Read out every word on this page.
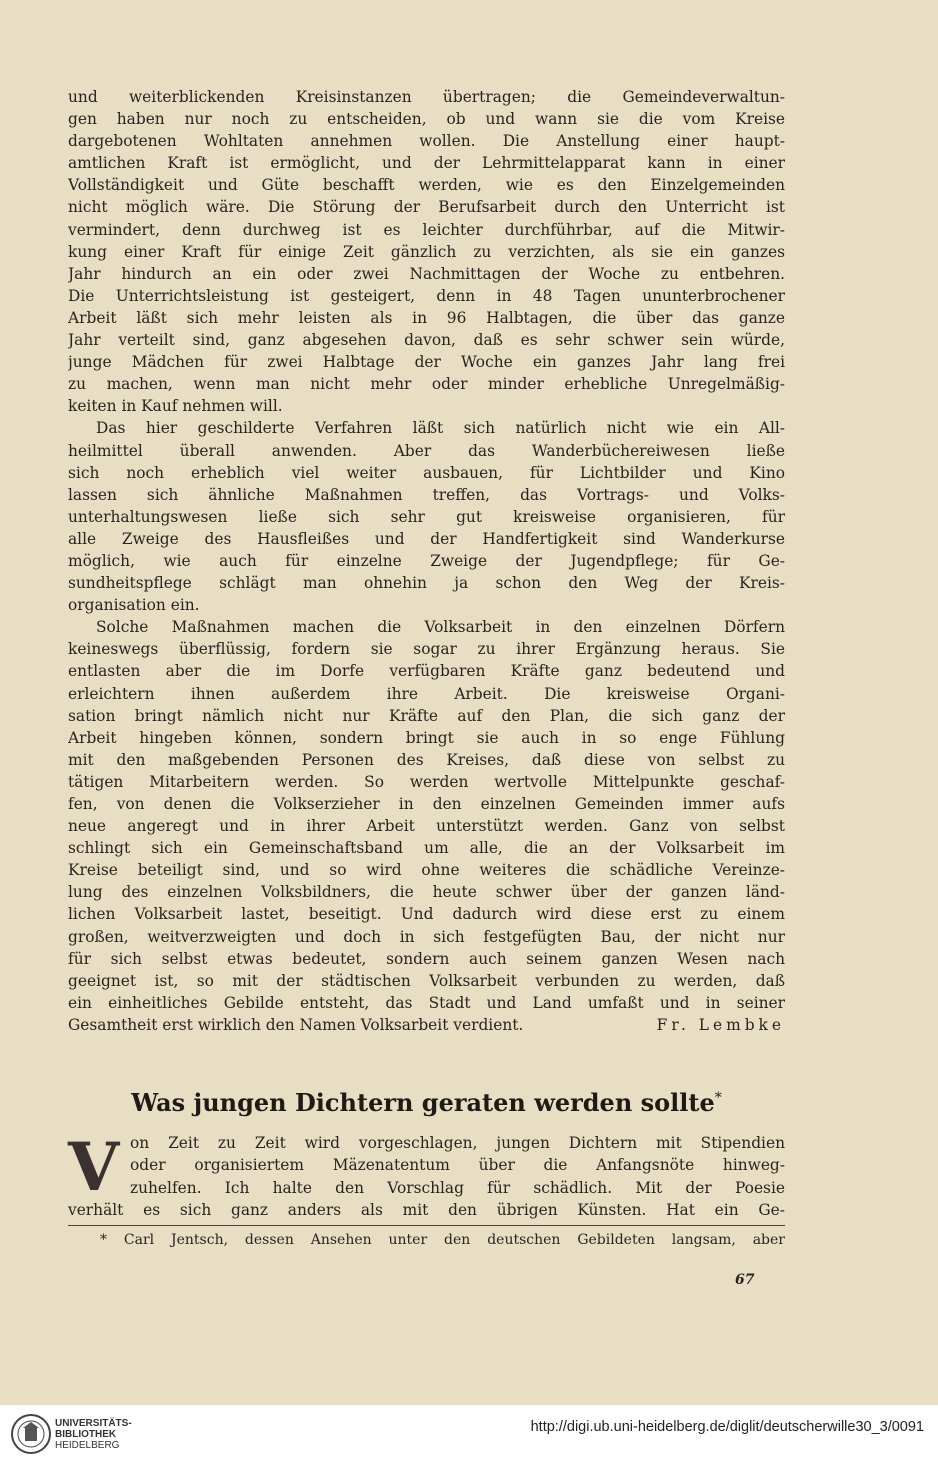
und weiterblickenden Kreisinstanzen übertragen; die Gemeindeverwaltun-
gen haben nur noch zu entscheiden, ob und wann sie die vom Kreise
dargebotenen Wohltaten annehmen wollen. Die Anstellung einer haupt-
amtlichen Kraft ist ermöglicht, und der Lehrmittelapparat kann in einer
Vollständigkeit und Güte beschafft werden, wie es den Einzelgemeinden
nicht möglich wäre. Die Störung der Berufsarbeit durch den Unterricht ist
vermindert, denn durchweg ist es leichter durchführbar, auf die Mitwir-
kung einer Kraft für einige Zeit gänzlich zu verzichten, als sie ein ganzes
Jahr hindurch an ein oder zwei Nachmittagen der Woche zu entbehren.
Die Unterrichtsleistung ist gesteigert, denn in 48 Tagen ununterbrochener
Arbeit läßt sich mehr leisten als in 96 Halbtagen, die über das ganze
Jahr verteilt sind, ganz abgesehen davon, daß es sehr schwer sein würde,
junge Mädchen für zwei Halbtage der Woche ein ganzes Jahr lang frei
zu machen, wenn man nicht mehr oder minder erhebliche Unregelmäßig-
keiten in Kauf nehmen will.
Das hier geschilderte Verfahren läßt sich natürlich nicht wie ein All-
heilmittel überall anwenden. Aber das Wanderbüchereiwesen ließe
sich noch erheblich viel weiter ausbauen, für Lichtbilder und Kino
lassen sich ähnliche Maßnahmen treffen, das Vortrags- und Volks-
unterhaltungswesen ließe sich sehr gut kreisweise organisieren, für
alle Zweige des Hausfleißes und der Handfertigkeit sind Wanderkurse
möglich, wie auch für einzelne Zweige der Jugendpflege; für Ge-
sundheitspflege schlägt man ohnehin ja schon den Weg der Kreis-
organisation ein.
Solche Maßnahmen machen die Volksarbeit in den einzelnen Dörfern
keineswegs überflüssig, fordern sie sogar zu ihrer Ergänzung heraus. Sie
entlasten aber die im Dorfe verfügbaren Kräfte ganz bedeutend und
erleichtern ihnen außerdem ihre Arbeit. Die kreisweise Organi-
sation bringt nämlich nicht nur Kräfte auf den Plan, die sich ganz der
Arbeit hingeben können, sondern bringt sie auch in so enge Fühlung
mit den maßgebenden Personen des Kreises, daß diese von selbst zu
tätigen Mitarbeitern werden. So werden wertvolle Mittelpunkte geschaf-
fen, von denen die Volkserzieher in den einzelnen Gemeinden immer aufs
neue angeregt und in ihrer Arbeit unterstützt werden. Ganz von selbst
schlingt sich ein Gemeinschaftsband um alle, die an der Volksarbeit im
Kreise beteiligt sind, und so wird ohne weiteres die schädliche Vereinze-
lung des einzelnen Volksbildners, die heute schwer über der ganzen länd-
lichen Volksarbeit lastet, beseitigt. Und dadurch wird diese erst zu einem
großen, weitverzweigten und doch in sich festgefügten Bau, der nicht nur
für sich selbst etwas bedeutet, sondern auch seinem ganzen Wesen nach
geeignet ist, so mit der städtischen Volksarbeit verbunden zu werden, daß
ein einheitliches Gebilde entsteht, das Stadt und Land umfaßt und in seiner
Gesamtheit erst wirklich den Namen Volksarbeit verdient.	Fr. Lembke
Was jungen Dichtern geraten werden sollte*
V on Zeit zu Zeit wird vorgeschlagen, jungen Dichtern mit Stipendien
oder organisiertem Mäzenatentum über die Anfangsnöte hinweg-
zuhelfen. Ich halte den Vorschlag für schädlich. Mit der Poesie
verhält es sich ganz anders als mit den übrigen Künsten. Hat ein Ge-
* Carl Jentsch, dessen Ansehen unter den deutschen Gebildeten langsam, aber
67
UNIVERSITÄTS-
BIBLIOTHEK
HEIDELBERG
http://digi.ub.uni-heidelberg.de/diglit/deutscherwille30_3/0091
